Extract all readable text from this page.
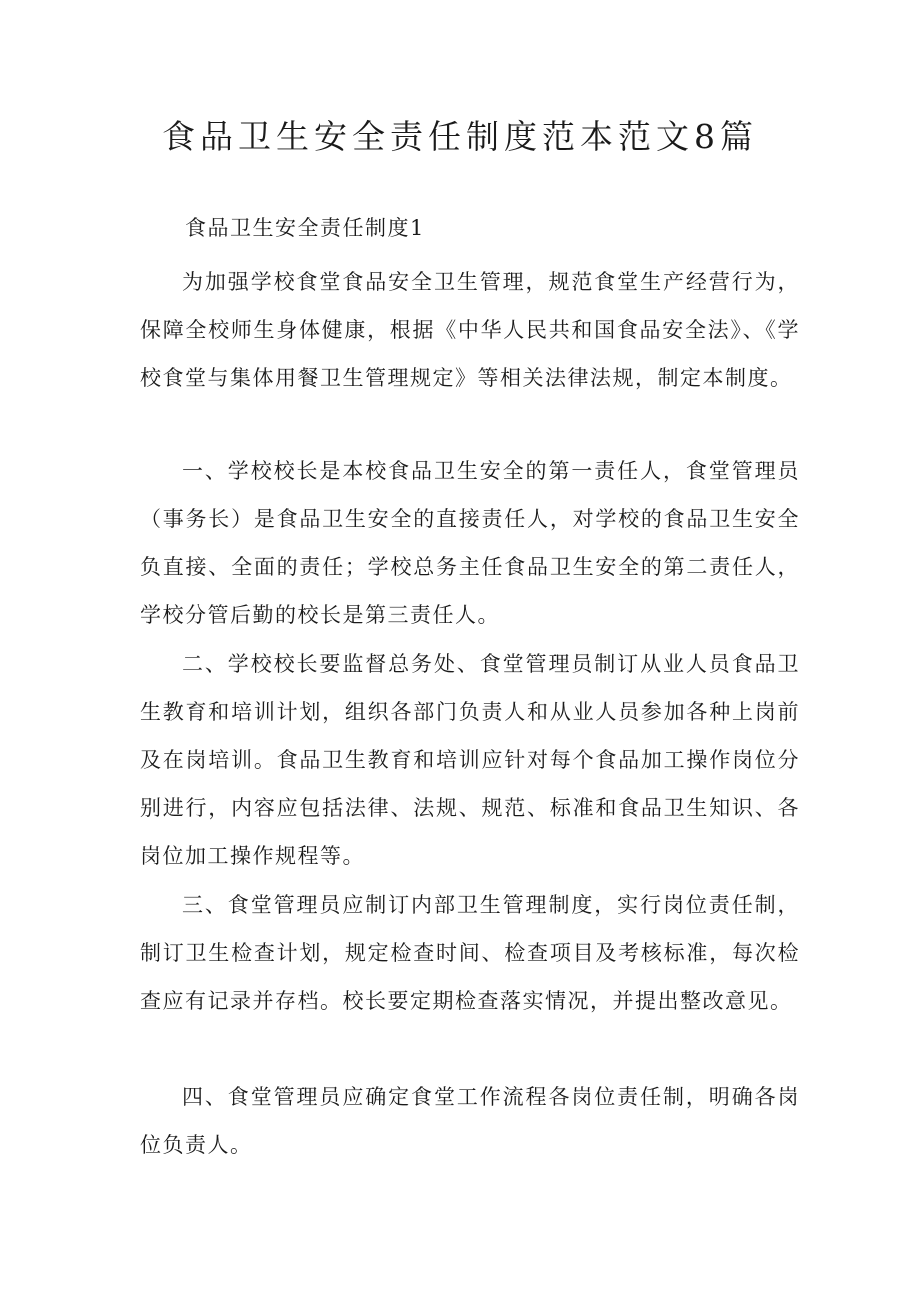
食品卫生安全责任制度范本范文8篇

食品卫生安全责任制度1

为加强学校食堂食品安全卫生管理，规范食堂生产经营行为，保障全校师生身体健康，根据《中华人民共和国食品安全法》、《学校食堂与集体用餐卫生管理规定》等相关法律法规，制定本制度。

一、学校校长是本校食品卫生安全的第一责任人，食堂管理员（事务长）是食品卫生安全的直接责任人，对学校的食品卫生安全负直接、全面的责任；学校总务主任食品卫生安全的第二责任人，学校分管后勤的校长是第三责任人。

二、学校校长要监督总务处、食堂管理员制订从业人员食品卫生教育和培训计划，组织各部门负责人和从业人员参加各种上岗前及在岗培训。食品卫生教育和培训应针对每个食品加工操作岗位分别进行，内容应包括法律、法规、规范、标准和食品卫生知识、各岗位加工操作规程等。

三、食堂管理员应制订内部卫生管理制度，实行岗位责任制，制订卫生检查计划，规定检查时间、检查项目及考核标准，每次检查应有记录并存档。校长要定期检查落实情况，并提出整改意见。

四、食堂管理员应确定食堂工作流程各岗位责任制，明确各岗位负责人。
